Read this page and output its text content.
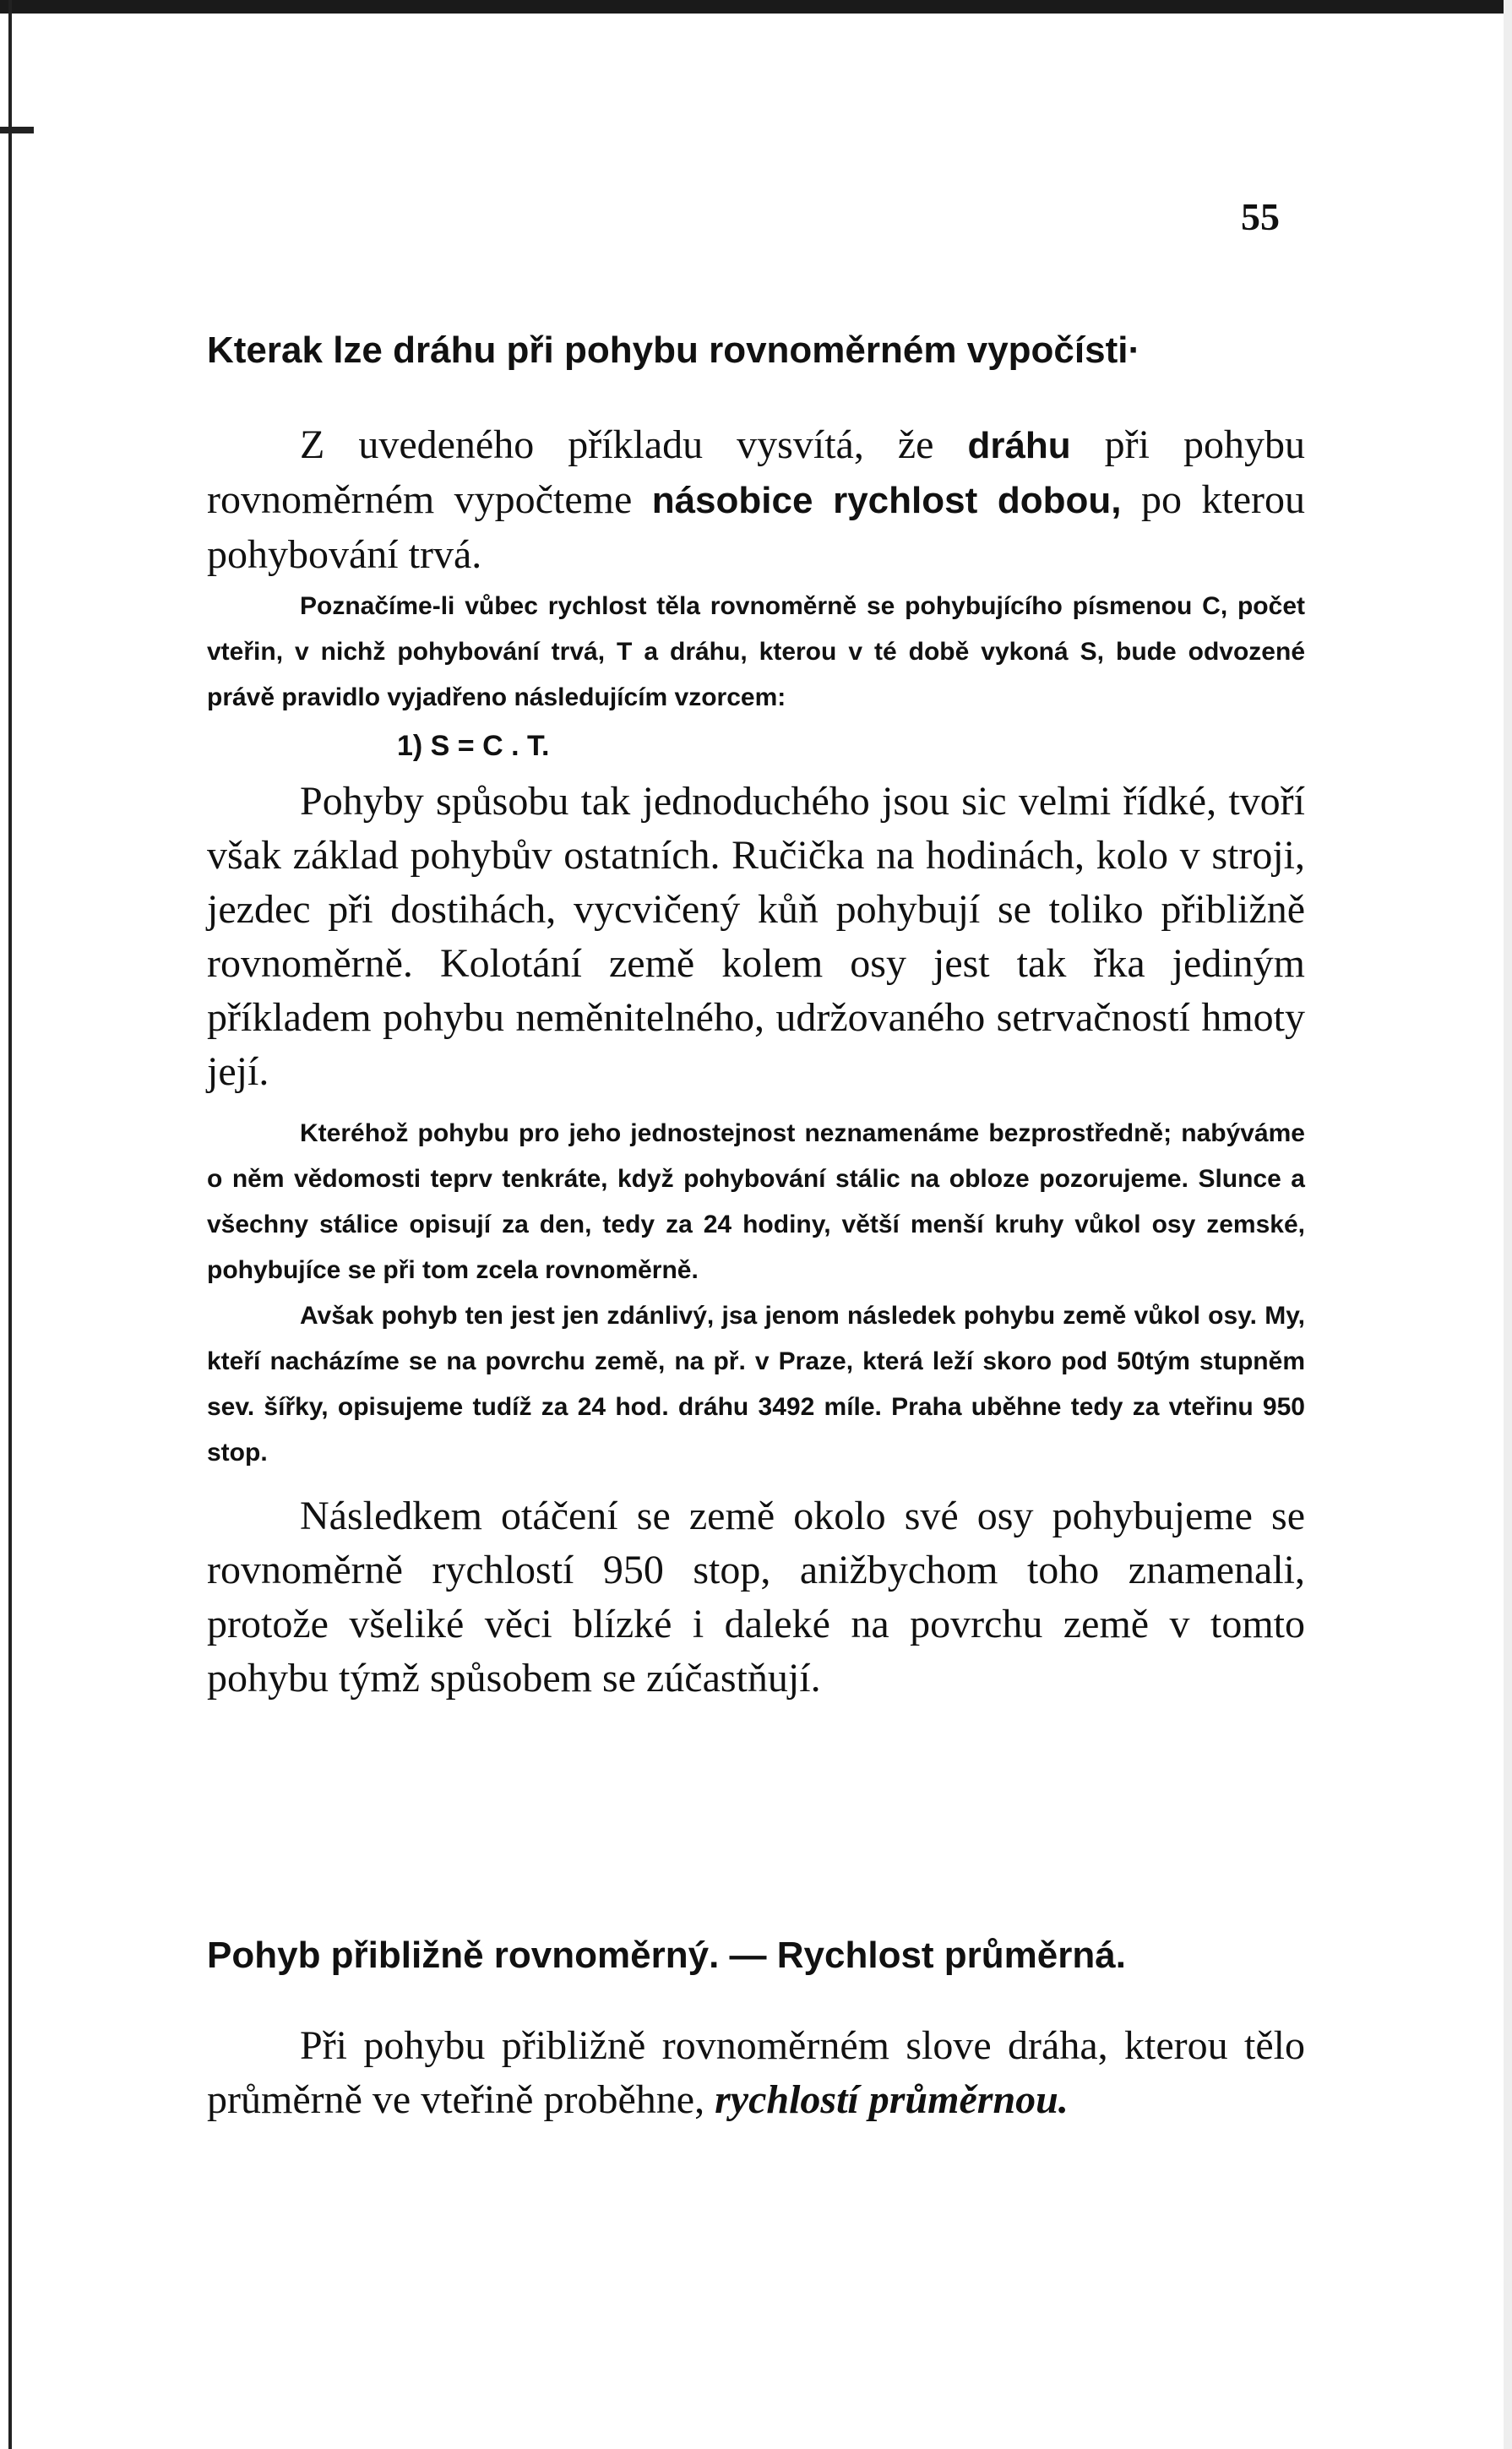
55
Kterak lze dráhu při pohybu rovnoměrném vypočísti·

Z uvedeného příkladu vysvítá, že dráhu při pohybu rovnoměrném vypočteme násobice rychlost dobou, po kterou pohybování trvá.

Poznačíme-li vůbec rychlost těla rovnoměrně se pohybujícího písmenou C, počet vteřin, v nichž pohybování trvá, T a dráhu, kterou v té době vykoná S, bude odvozené právě pravidlo vyjadřeno následujícím vzorcem:

1) S = C . T.

Pohyby spůsobu tak jednoduchého jsou sic velmi řídké, tvoří však základ pohybův ostatních. Ručička na hodinách, kolo v stroji, jezdec při dostihách, vycvičený kůň pohybují se toliko přibližně rovnoměrně. Kolotání země kolem osy jest tak řka jediným příkladem pohybu neměnitelného, udržovaného setrvačností hmoty její.

Kteréhož pohybu pro jeho jednostejnost neznamenáme bezprostředně; nabýváme o něm vědomosti teprv tenkráte, když pohybování stálic na obloze pozorujeme. Slunce a všechny stálice opisují za den, tedy za 24 hodiny, větší menší kruhy vůkol osy zemské, pohybujíce se při tom zcela rovnoměrně.

Avšak pohyb ten jest jen zdánlivý, jsa jenom následek pohybu země vůkol osy. My, kteří nacházíme se na povrchu země, na př. v Praze, která leží skoro pod 50tým stupněm sev. šířky, opisujeme tudíž za 24 hod. dráhu 3492 míle. Praha uběhne tedy za vteřinu 950 stop.

Následkem otáčení se země okolo své osy pohybujeme se rovnoměrně rychlostí 950 stop, anižbychom toho znamenali, protože všeliké věci blízké i daleké na povrchu země v tomto pohybu týmž spůsobem se zúčastňují.

Pohyb přibližně rovnoměrný. — Rychlost průměrná.

Při pohybu přibližně rovnoměrném slove dráha, kterou tělo průměrně ve vteřině proběhne, rychlostí průměrnou.
